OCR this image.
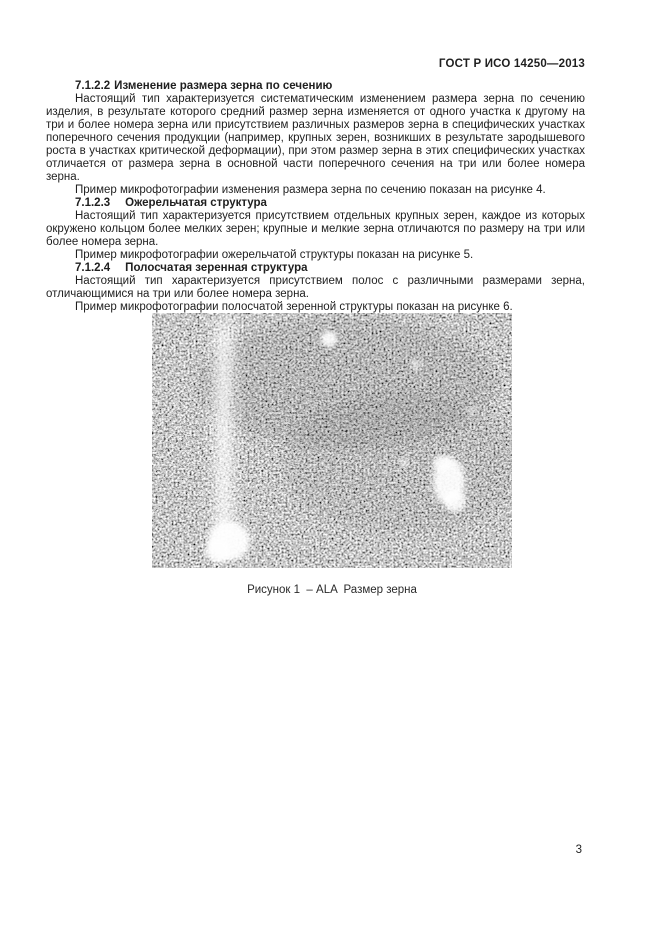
ГОСТ Р ИСО 14250—2013

7.1.2.2 Изменение размера зерна по сечению

Настоящий тип характеризуется систематическим изменением размера зерна по сечению изделия, в результате которого средний размер зерна изменяется от одного участка к другому на три и более номера зерна или присутствием различных размеров зерна в специфических участках поперечного сечения продукции (например, крупных зерен, возникших в результате зародышевого роста в участках критической деформации), при этом размер зерна в этих специфических участках отличается от размера зерна в основной части поперечного сечения на три или более номера зерна.

Пример микрофотографии изменения размера зерна по сечению показан на рисунке 4.

7.1.2.3 Ожерельчатая структура

Настоящий тип характеризуется присутствием отдельных крупных зерен, каждое из которых окружено кольцом более мелких зерен; крупные и мелкие зерна отличаются по размеру на три или более номера зерна.

Пример микрофотографии ожерельчатой структуры показан на рисунке 5.

7.1.2.4 Полосчатая зеренная структура

Настоящий тип характеризуется присутствием полос с различными размерами зерна, отличающимися на три или более номера зерна.

Пример микрофотографии полосчатой зеренной структуры показан на рисунке 6.

Рисунок 1  – ALA  Размер зерна
3
